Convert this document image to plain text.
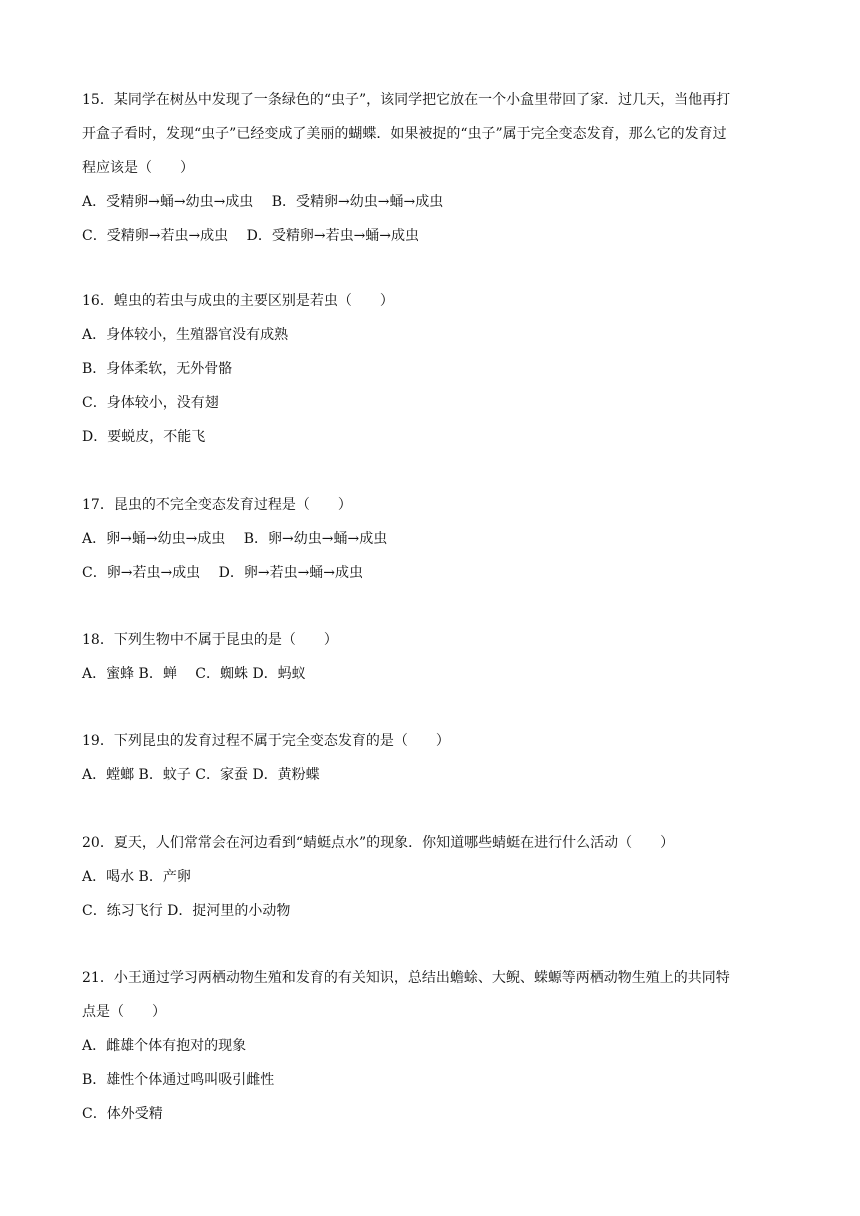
15．某同学在树丛中发现了一条绿色的“虫子”，该同学把它放在一个小盒里带回了家．过几天，当他再打
开盒子看时，发现“虫子”已经变成了美丽的蝴蝶．如果被捉的“虫子”属于完全变态发育，那么它的发育过
程应该是（　　）
A．受精卵→蛹→幼虫→成虫　 B．受精卵→幼虫→蛹→成虫
C．受精卵→若虫→成虫　 D．受精卵→若虫→蛹→成虫
16．蝗虫的若虫与成虫的主要区别是若虫（　　）
A．身体较小，生殖器官没有成熟
B．身体柔软，无外骨骼
C．身体较小，没有翅
D．要蜕皮，不能飞
17．昆虫的不完全变态发育过程是（　　）
A．卵→蛹→幼虫→成虫　 B．卵→幼虫→蛹→成虫
C．卵→若虫→成虫　 D．卵→若虫→蛹→成虫
18．下列生物中不属于昆虫的是（　　）
A．蜜蜂 B．蝉　 C．蜘蛛 D．蚂蚁
19．下列昆虫的发育过程不属于完全变态发育的是（　　）
A．螳螂 B．蚊子 C．家蚕 D．黄粉蝶
20．夏天，人们常常会在河边看到“蜻蜓点水”的现象．你知道哪些蜻蜓在进行什么活动（　　）
A．喝水 B．产卵
C．练习飞行 D．捉河里的小动物
21．小王通过学习两栖动物生殖和发育的有关知识，总结出蟾蜍、大鲵、蝾螈等两栖动物生殖上的共同特
点是（　　）
A．雌雄个体有抱对的现象
B．雄性个体通过鸣叫吸引雌性
C．体外受精
